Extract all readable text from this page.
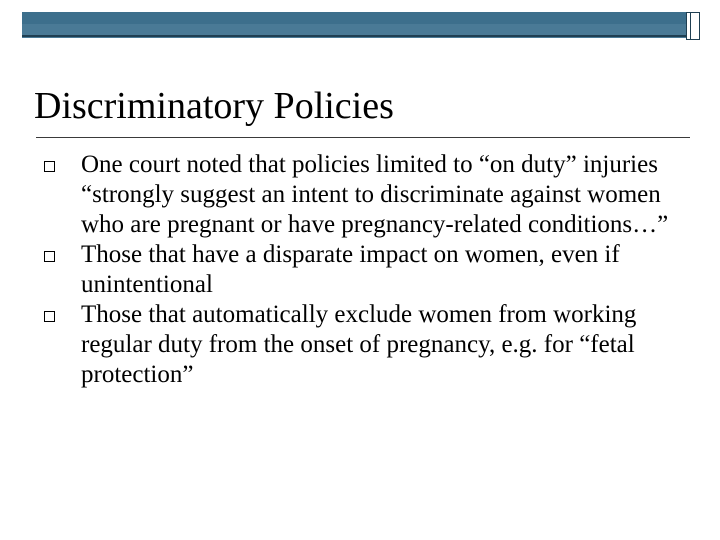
Discriminatory Policies
One court noted that policies limited to “on duty” injuries “strongly suggest an intent to discriminate against women who are pregnant or have pregnancy-related conditions…”
Those that have a disparate impact on women, even if unintentional
Those that automatically exclude women from working regular duty from the onset of pregnancy, e.g. for “fetal protection”
